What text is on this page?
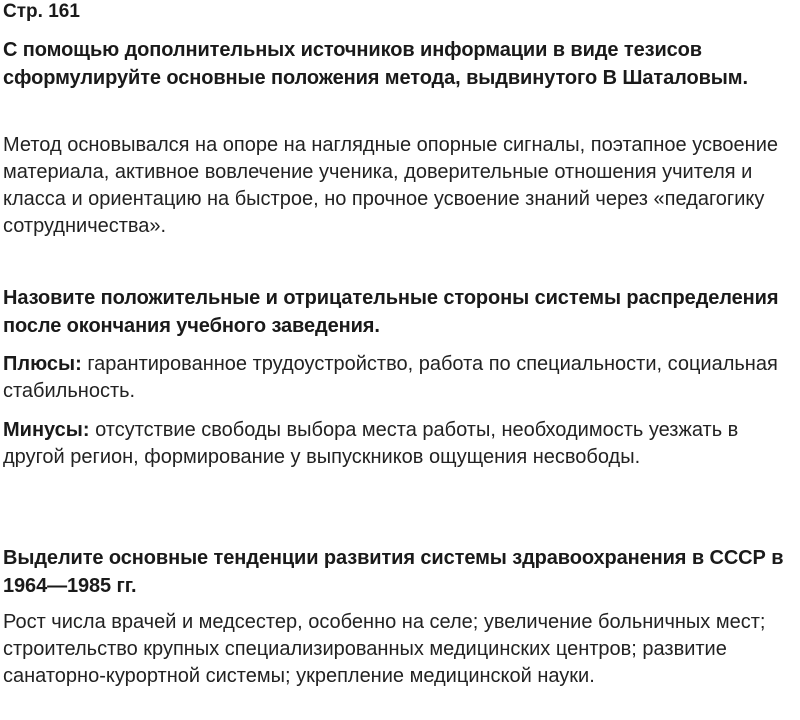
Стр. 161

С помощью дополнительных источников информации в виде тезисов сформулируйте основные положения метода, выдвинутого В Шаталовым.

Метод основывался на опоре на наглядные опорные сигналы, поэтапное усвоение материала, активное вовлечение ученика, доверительные отношения учителя и класса и ориентацию на быстрое, но прочное усвоение знаний через «педагогику сотрудничества».

Назовите положительные и отрицательные стороны системы распределения после окончания учебного заведения.

Плюсы: гарантированное трудоустройство, работа по специальности, социальная стабильность.

Минусы: отсутствие свободы выбора места работы, необходимость уезжать в другой регион, формирование у выпускников ощущения несвободы.

Выделите основные тенденции развития системы здравоохранения в СССР в 1964—1985 гг.

Рост числа врачей и медсестер, особенно на селе; увеличение больничных мест; строительство крупных специализированных медицинских центров; развитие санаторно-курортной системы; укрепление медицинской науки.
